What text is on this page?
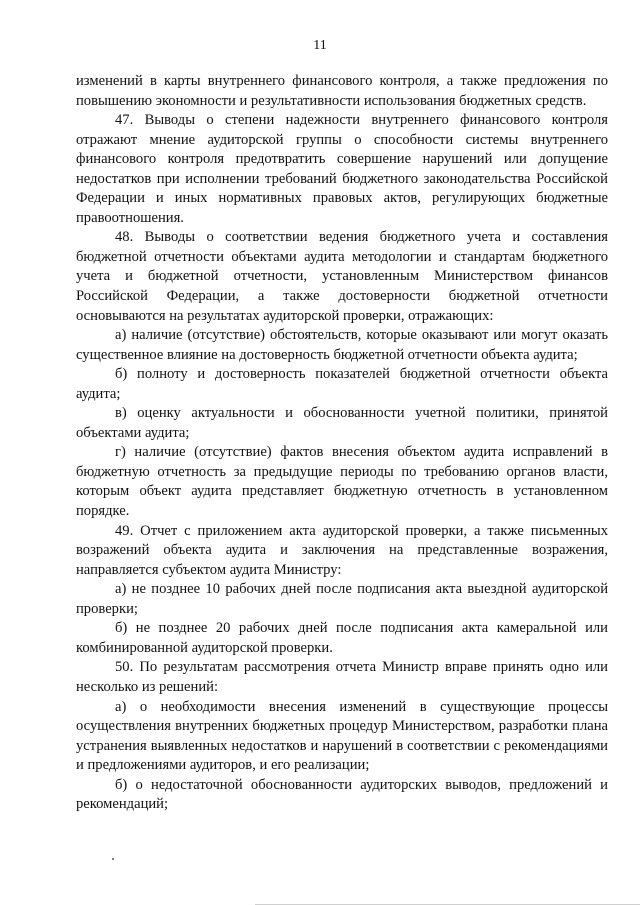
11

изменений в карты внутреннего финансового контроля, а также предложения по повышению экономности и результативности использования бюджетных средств.

47. Выводы о степени надежности внутреннего финансового контроля отражают мнение аудиторской группы о способности системы внутреннего финансового контроля предотвратить совершение нарушений или допущение недостатков при исполнении требований бюджетного законодательства Российской Федерации и иных нормативных правовых актов, регулирующих бюджетные правоотношения.

48. Выводы о соответствии ведения бюджетного учета и составления бюджетной отчетности объектами аудита методологии и стандартам бюджетного учета и бюджетной отчетности, установленным Министерством финансов Российской Федерации, а также достоверности бюджетной отчетности основываются на результатах аудиторской проверки, отражающих:

а) наличие (отсутствие) обстоятельств, которые оказывают или могут оказать существенное влияние на достоверность бюджетной отчетности объекта аудита;

б) полноту и достоверность показателей бюджетной отчетности объекта аудита;

в) оценку актуальности и обоснованности учетной политики, принятой объектами аудита;

г) наличие (отсутствие) фактов внесения объектом аудита исправлений в бюджетную отчетность за предыдущие периоды по требованию органов власти, которым объект аудита представляет бюджетную отчетность в установленном порядке.

49. Отчет с приложением акта аудиторской проверки, а также письменных возражений объекта аудита и заключения на представленные возражения, направляется субъектом аудита Министру:

а) не позднее 10 рабочих дней после подписания акта выездной аудиторской проверки;

б) не позднее 20 рабочих дней после подписания акта камеральной или комбинированной аудиторской проверки.

50. По результатам рассмотрения отчета Министр вправе принять одно или несколько из решений:

а) о необходимости внесения изменений в существующие процессы осуществления внутренних бюджетных процедур Министерством, разработки плана устранения выявленных недостатков и нарушений в соответствии с рекомендациями и предложениями аудиторов, и его реализации;

б) о недостаточной обоснованности аудиторских выводов, предложений и рекомендаций;
